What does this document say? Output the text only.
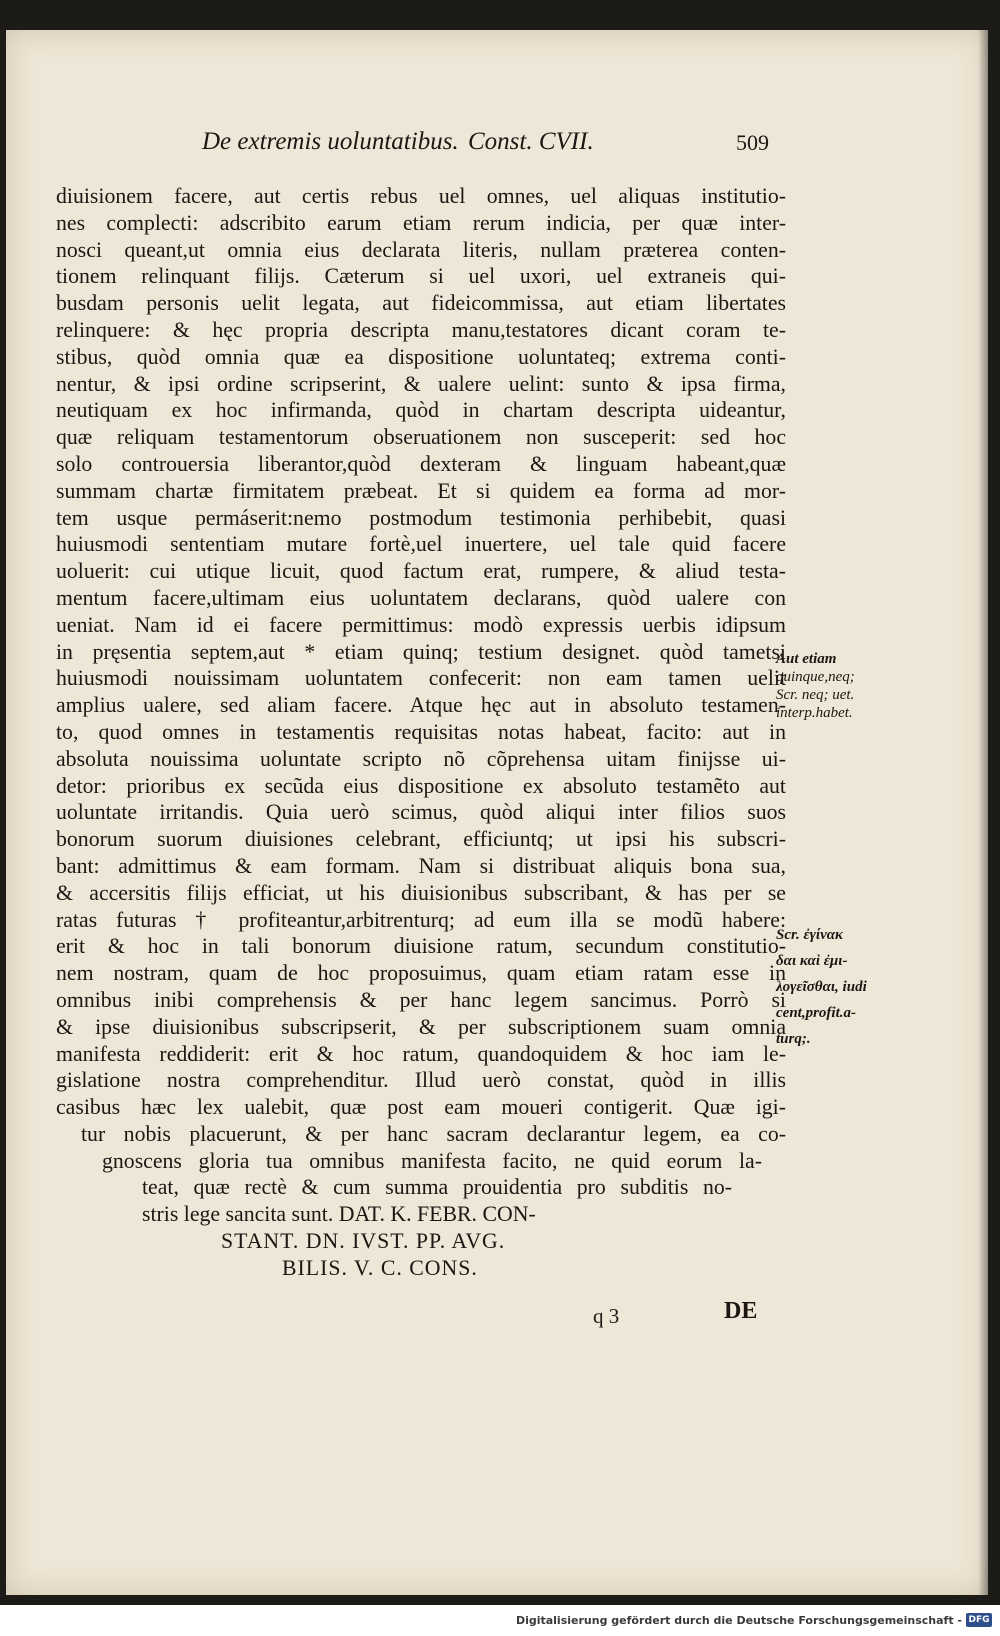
De extremis uoluntatibus. Const. CVII.	509
diuisionem facere, aut certis rebus uel omnes, uel aliquas institutio-
nes complecti: adscribito earum etiam rerum indicia, per quæ inter-
nosci queant,ut omnia eius declarata literis, nullam præterea conten-
tionem relinquant filijs. Cæterum si uel uxori, uel extraneis qui-
busdam personis uelit legata, aut fideicommissa, aut etiam libertates
relinquere: & hęc propria descripta manu,testatores dicant coram te-
stibus, quòd omnia quæ ea dispositione uoluntateq; extrema conti-
nentur, & ipsi ordine scripserint, & ualere uelint: sunto & ipsa firma,
neutiquam ex hoc infirmanda, quòd in chartam descripta uideantur,
quæ reliquam testamentorum obseruationem non susceperit: sed hoc
solo controuersia liberantor,quòd dexteram & linguam habeant,quæ
summam chartæ firmitatem præbeat. Et si quidem ea forma ad mor-
tem usque permáserit:nemo postmodum testimonia perhibebit, quasi
huiusmodi sententiam mutare fortè,uel inuertere, uel tale quid facere
uoluerit: cui utique licuit, quod factum erat, rumpere, & aliud testa-
mentum facere,ultimam eius uoluntatem declarans, quòd ualere con
ueniat. Nam id ei facere permittimus: modò expressis uerbis idipsum
in pręsentia septem,aut * etiam quinq; testium designet. quòd tametsi
huiusmodi nouissimam uoluntatem confecerit: non eam tamen uelit
amplius ualere, sed aliam facere. Atque hęc aut in absoluto testamen-
to, quod omnes in testamentis requisitas notas habeat, facito: aut in
absoluta nouissima uoluntate scripto nõ cõprehensa uitam finijsse ui-
detor: prioribus ex secũda eius dispositione ex absoluto testamẽto aut
uoluntate irritandis. Quia uerò scimus, quòd aliqui inter filios suos
bonorum suorum diuisiones celebrant, efficiuntq; ut ipsi his subscri-
bant: admittimus & eam formam. Nam si distribuat aliquis bona sua,
& accersitis filijs efficiat, ut his diuisionibus subscribant, & has per se
ratas futuras † profiteantur,arbitrenturq; ad eum illa se modũ habere:
erit & hoc in tali bonorum diuisione ratum, secundum constitutio-
nem nostram, quam de hoc proposuimus, quam etiam ratam esse in
omnibus inibi comprehensis & per hanc legem sancimus. Porrò si
& ipse diuisionibus subscripserit, & per subscriptionem suam omnia
manifesta reddiderit: erit & hoc ratum, quandoquidem & hoc iam le-
gislatione nostra comprehenditur. Illud uerò constat, quòd in illis
casibus hæc lex ualebit, quæ post eam moueri contigerit. Quæ igi-
tur nobis placuerunt, & per hanc sacram declarantur legem, ea co-
gnoscens gloria tua omnibus manifesta facito, ne quid eorum la-
teat, quæ rectè & cum summa prouidentia pro subditis no-
stris lege sancita sunt. DAT. K. FEBR. CON-
STANT. DN. IVST. PP. AVG.
BILIS. V. C. CONS.
Aut etiam
quinque,neq;
Scr. neq; uet.
interp.habet.
Scr. ἐγίνακ
δαι καὶ ἐμι-
λογεῖσθαι, iudi
cent,profit.a-
turq;.
q 3	DE
Digitalisierung gefördert durch die Deutsche Forschungsgemeinschaft - DFG
